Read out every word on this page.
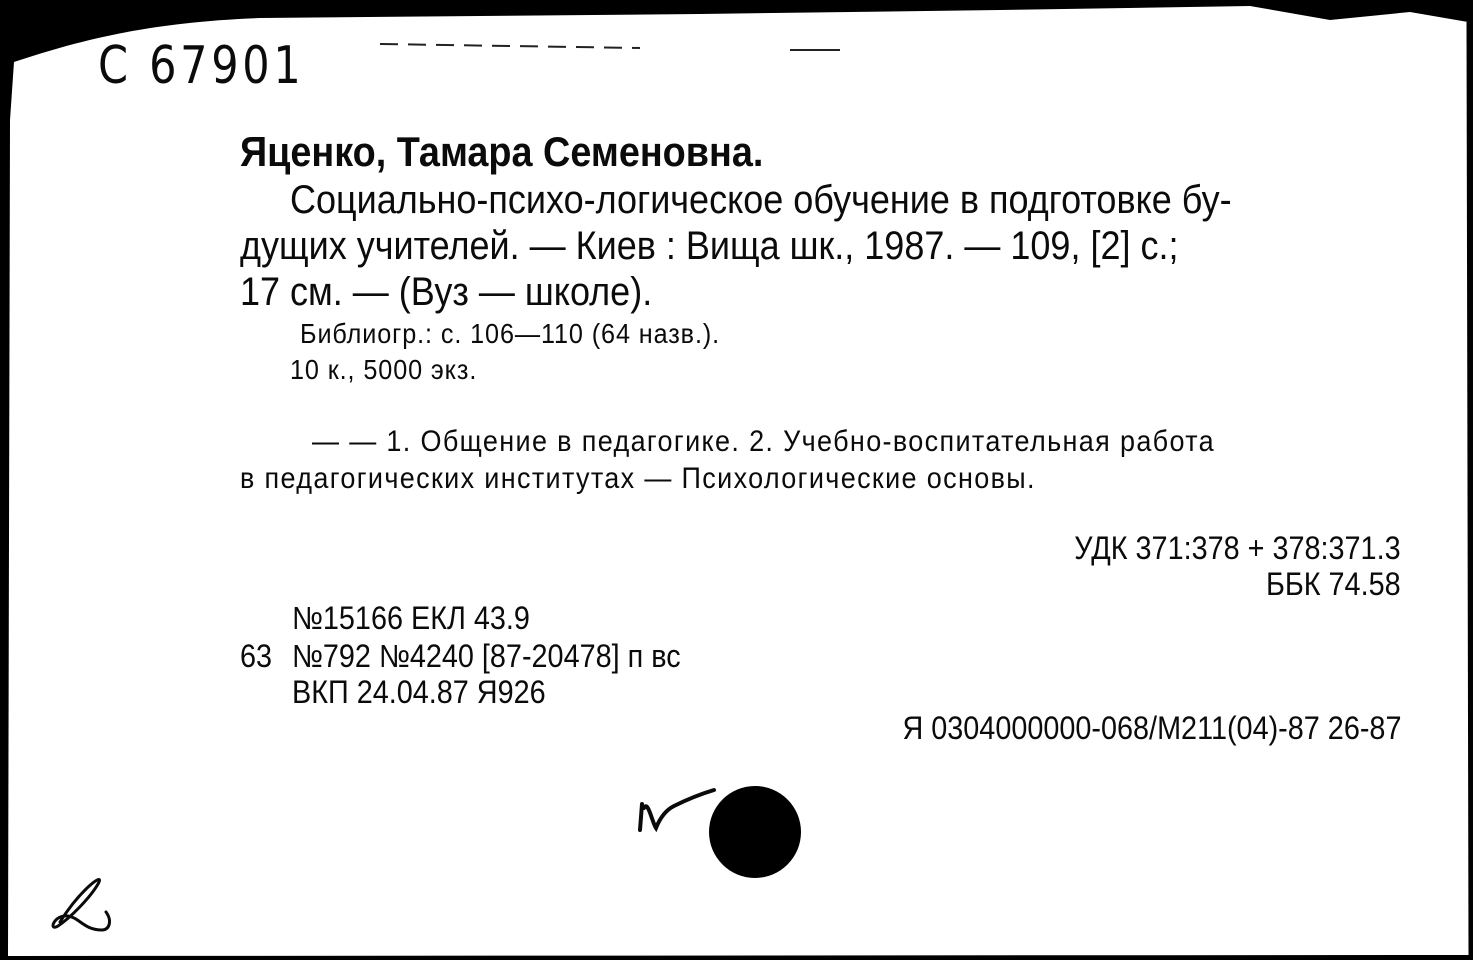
С 67901
Яценко, Тамара Семеновна.
Социально-психо-логическое обучение в подготовке бу-
дущих учителей. — Киев : Вища шк., 1987. — 109, [2] с.;
17 см. — (Вуз — школе).
Библиогр.: с. 106—110 (64 назв.).
10 к., 5000 экз.
— — 1. Общение в педагогике. 2. Учебно-воспитательная работа
в педагогических институтах — Психологические основы.
УДК 371:378 + 378:371.3
ББК 74.58
№15166 ЕКЛ 43.9
63 №792 №4240 [87-20478] п вс
ВКП 24.04.87 Я926
Я 0304000000-068/М211(04)-87 26-87
